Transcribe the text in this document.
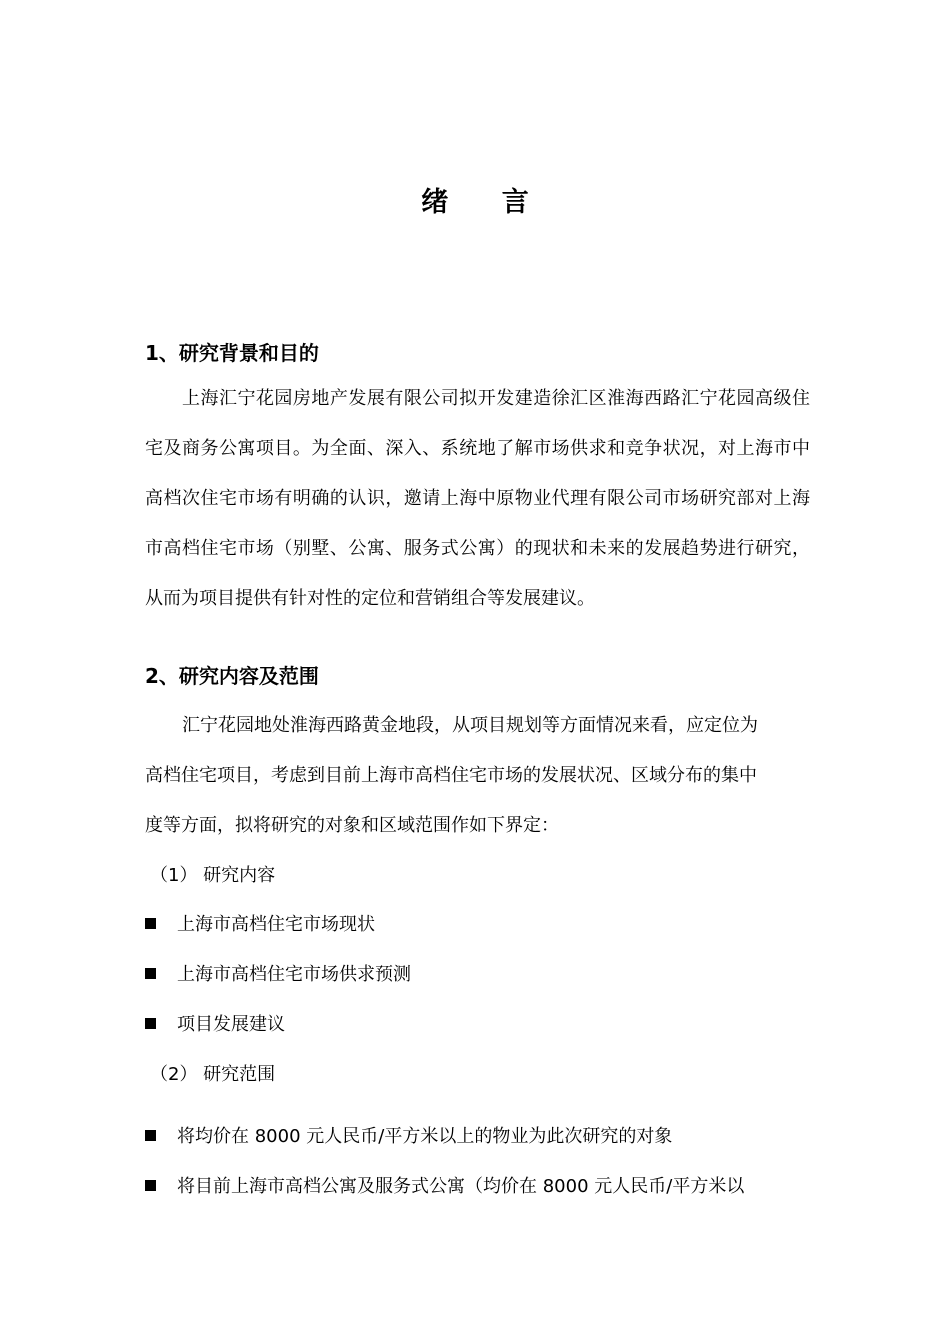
绪 言
1、研究背景和目的
上海汇宁花园房地产发展有限公司拟开发建造徐汇区淮海西路汇宁花园高级住宅及商务公寓项目。为全面、深入、系统地了解市场供求和竞争状况，对上海市中高档次住宅市场有明确的认识，邀请上海中原物业代理有限公司市场研究部对上海市高档住宅市场（别墅、公寓、服务式公寓）的现状和未来的发展趋势进行研究，从而为项目提供有针对性的定位和营销组合等发展建议。
2、研究内容及范围
汇宁花园地处淮海西路黄金地段，从项目规划等方面情况来看，应定位为
高档住宅项目，考虑到目前上海市高档住宅市场的发展状况、区域分布的集中
度等方面，拟将研究的对象和区域范围作如下界定：
（1） 研究内容
上海市高档住宅市场现状
上海市高档住宅市场供求预测
项目发展建议
（2） 研究范围
将均价在 8000 元人民币/平方米以上的物业为此次研究的对象
将目前上海市高档公寓及服务式公寓（均价在 8000 元人民币/平方米以
